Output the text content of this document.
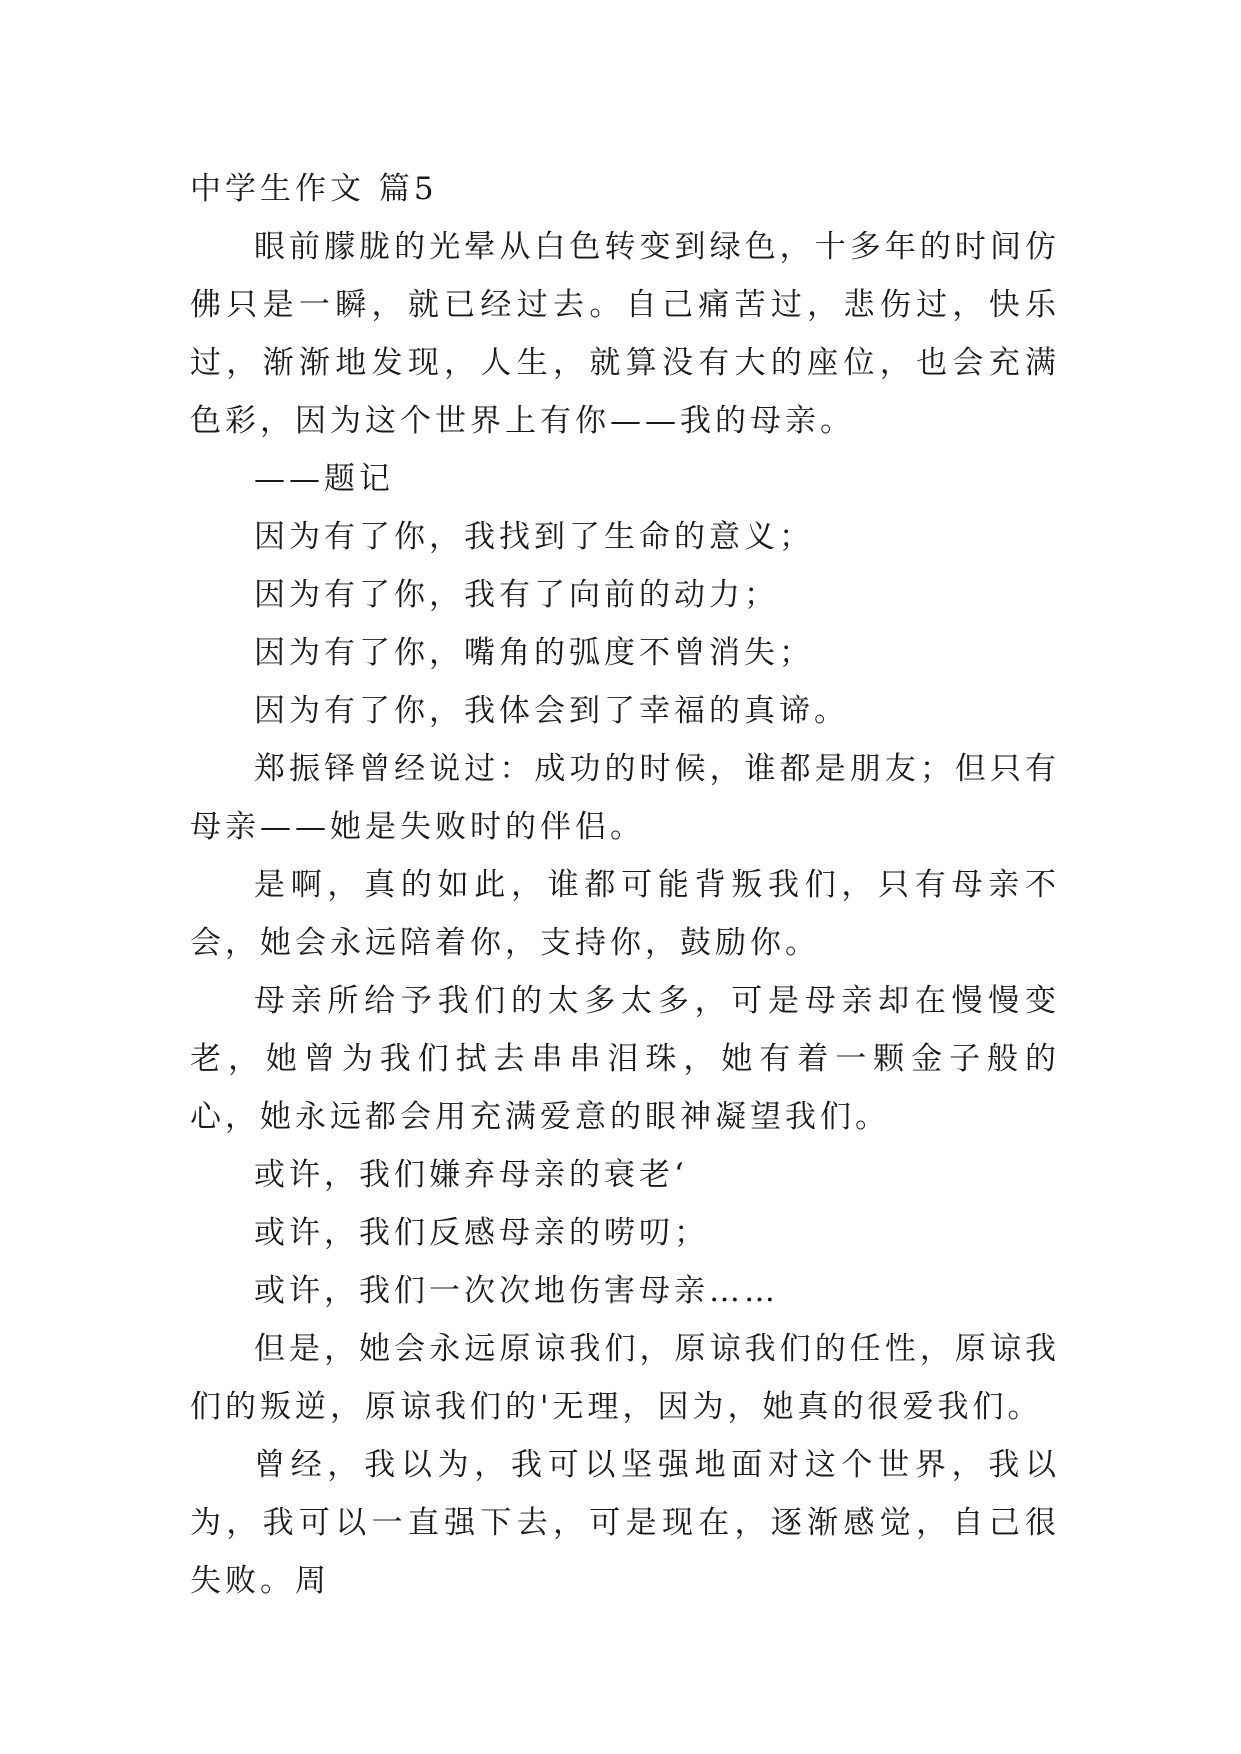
中学生作文 篇5

眼前朦胧的光晕从白色转变到绿色，十多年的时间仿佛只是一瞬，就已经过去。自己痛苦过，悲伤过，快乐过，渐渐地发现，人生，就算没有大的座位，也会充满色彩，因为这个世界上有你——我的母亲。

——题记

因为有了你，我找到了生命的意义；

因为有了你，我有了向前的动力；

因为有了你，嘴角的弧度不曾消失；

因为有了你，我体会到了幸福的真谛。

郑振铎曾经说过：成功的时候，谁都是朋友；但只有母亲——她是失败时的伴侣。

是啊，真的如此，谁都可能背叛我们，只有母亲不会，她会永远陪着你，支持你，鼓励你。

母亲所给予我们的太多太多，可是母亲却在慢慢变老，她曾为我们拭去串串泪珠，她有着一颗金子般的心，她永远都会用充满爱意的眼神凝望我们。

或许，我们嫌弃母亲的衰老‘

或许，我们反感母亲的唠叨；

或许，我们一次次地伤害母亲……

但是，她会永远原谅我们，原谅我们的任性，原谅我们的叛逆，原谅我们的'无理，因为，她真的很爱我们。

曾经，我以为，我可以坚强地面对这个世界，我以为，我可以一直强下去，可是现在，逐渐感觉，自己很失败。周
